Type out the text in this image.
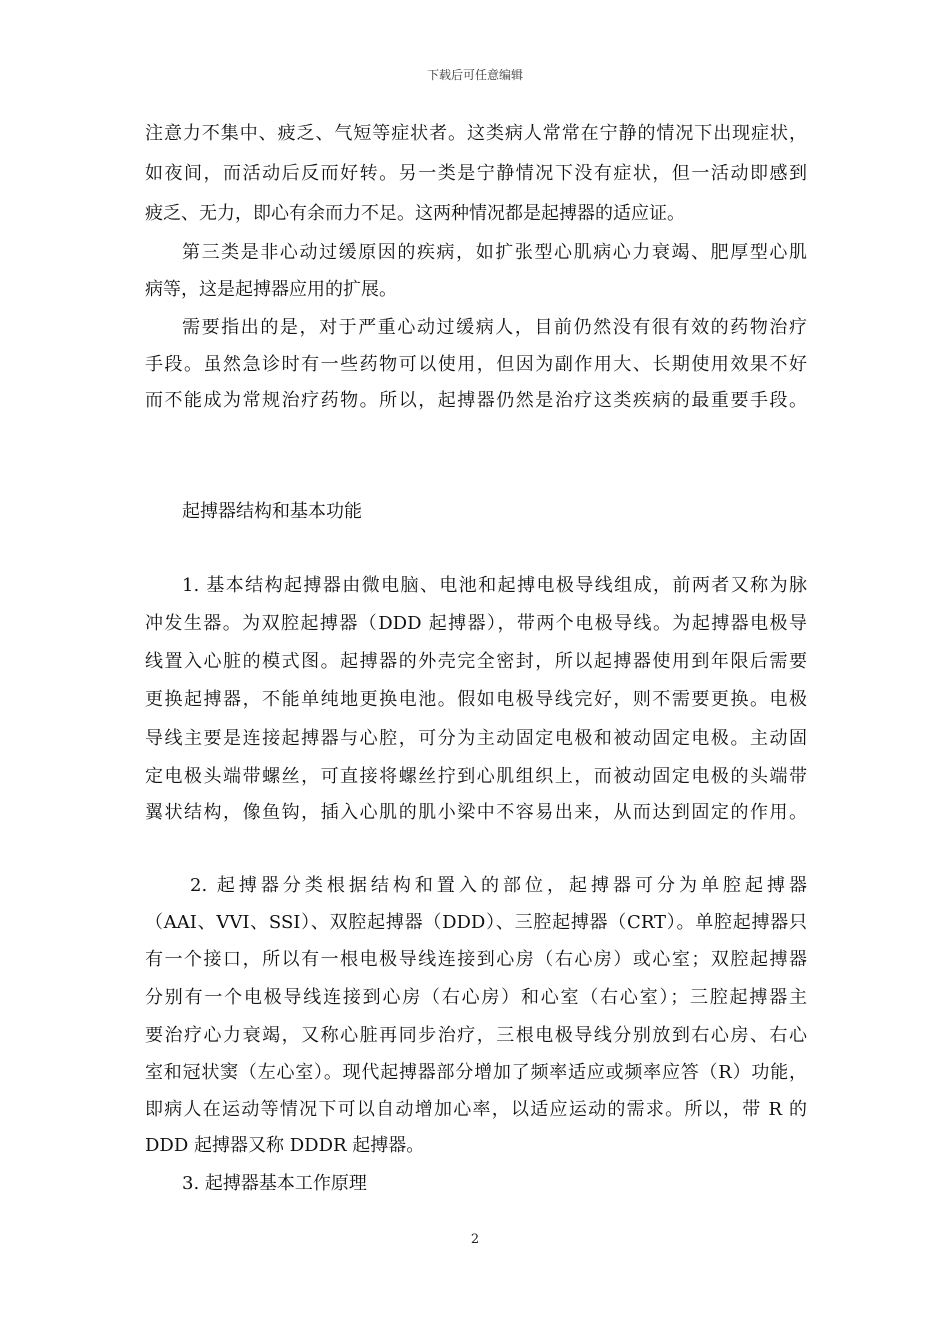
下载后可任意编辑
注意力不集中、疲乏、气短等症状者。这类病人常常在宁静的情况下出现症状，
如夜间，而活动后反而好转。另一类是宁静情况下没有症状，但一活动即感到
疲乏、无力，即心有余而力不足。这两种情况都是起搏器的适应证。
第三类是非心动过缓原因的疾病，如扩张型心肌病心力衰竭、肥厚型心肌
病等，这是起搏器应用的扩展。
需要指出的是，对于严重心动过缓病人，目前仍然没有很有效的药物治疗
手段。虽然急诊时有一些药物可以使用，但因为副作用大、长期使用效果不好
而不能成为常规治疗药物。所以，起搏器仍然是治疗这类疾病的最重要手段。
起搏器结构和基本功能
1. 基本结构起搏器由微电脑、电池和起搏电极导线组成，前两者又称为脉
冲发生器。为双腔起搏器（DDD 起搏器），带两个电极导线。为起搏器电极导
线置入心脏的模式图。起搏器的外壳完全密封，所以起搏器使用到年限后需要
更换起搏器，不能单纯地更换电池。假如电极导线完好，则不需要更换。电极
导线主要是连接起搏器与心腔，可分为主动固定电极和被动固定电极。主动固
定电极头端带螺丝，可直接将螺丝拧到心肌组织上，而被动固定电极的头端带
翼状结构，像鱼钩，插入心肌的肌小梁中不容易出来，从而达到固定的作用。
2. 起搏器分类根据结构和置入的部位，起搏器可分为单腔起搏器
（AAI、VVI、SSI）、双腔起搏器（DDD）、三腔起搏器（CRT）。单腔起搏器只
有一个接口，所以有一根电极导线连接到心房（右心房）或心室；双腔起搏器
分别有一个电极导线连接到心房（右心房）和心室（右心室）；三腔起搏器主
要治疗心力衰竭，又称心脏再同步治疗，三根电极导线分别放到右心房、右心
室和冠状窦（左心室）。现代起搏器部分增加了频率适应或频率应答（R）功能，
即病人在运动等情况下可以自动增加心率，以适应运动的需求。所以，带 R 的
DDD 起搏器又称 DDDR 起搏器。
3. 起搏器基本工作原理
2
